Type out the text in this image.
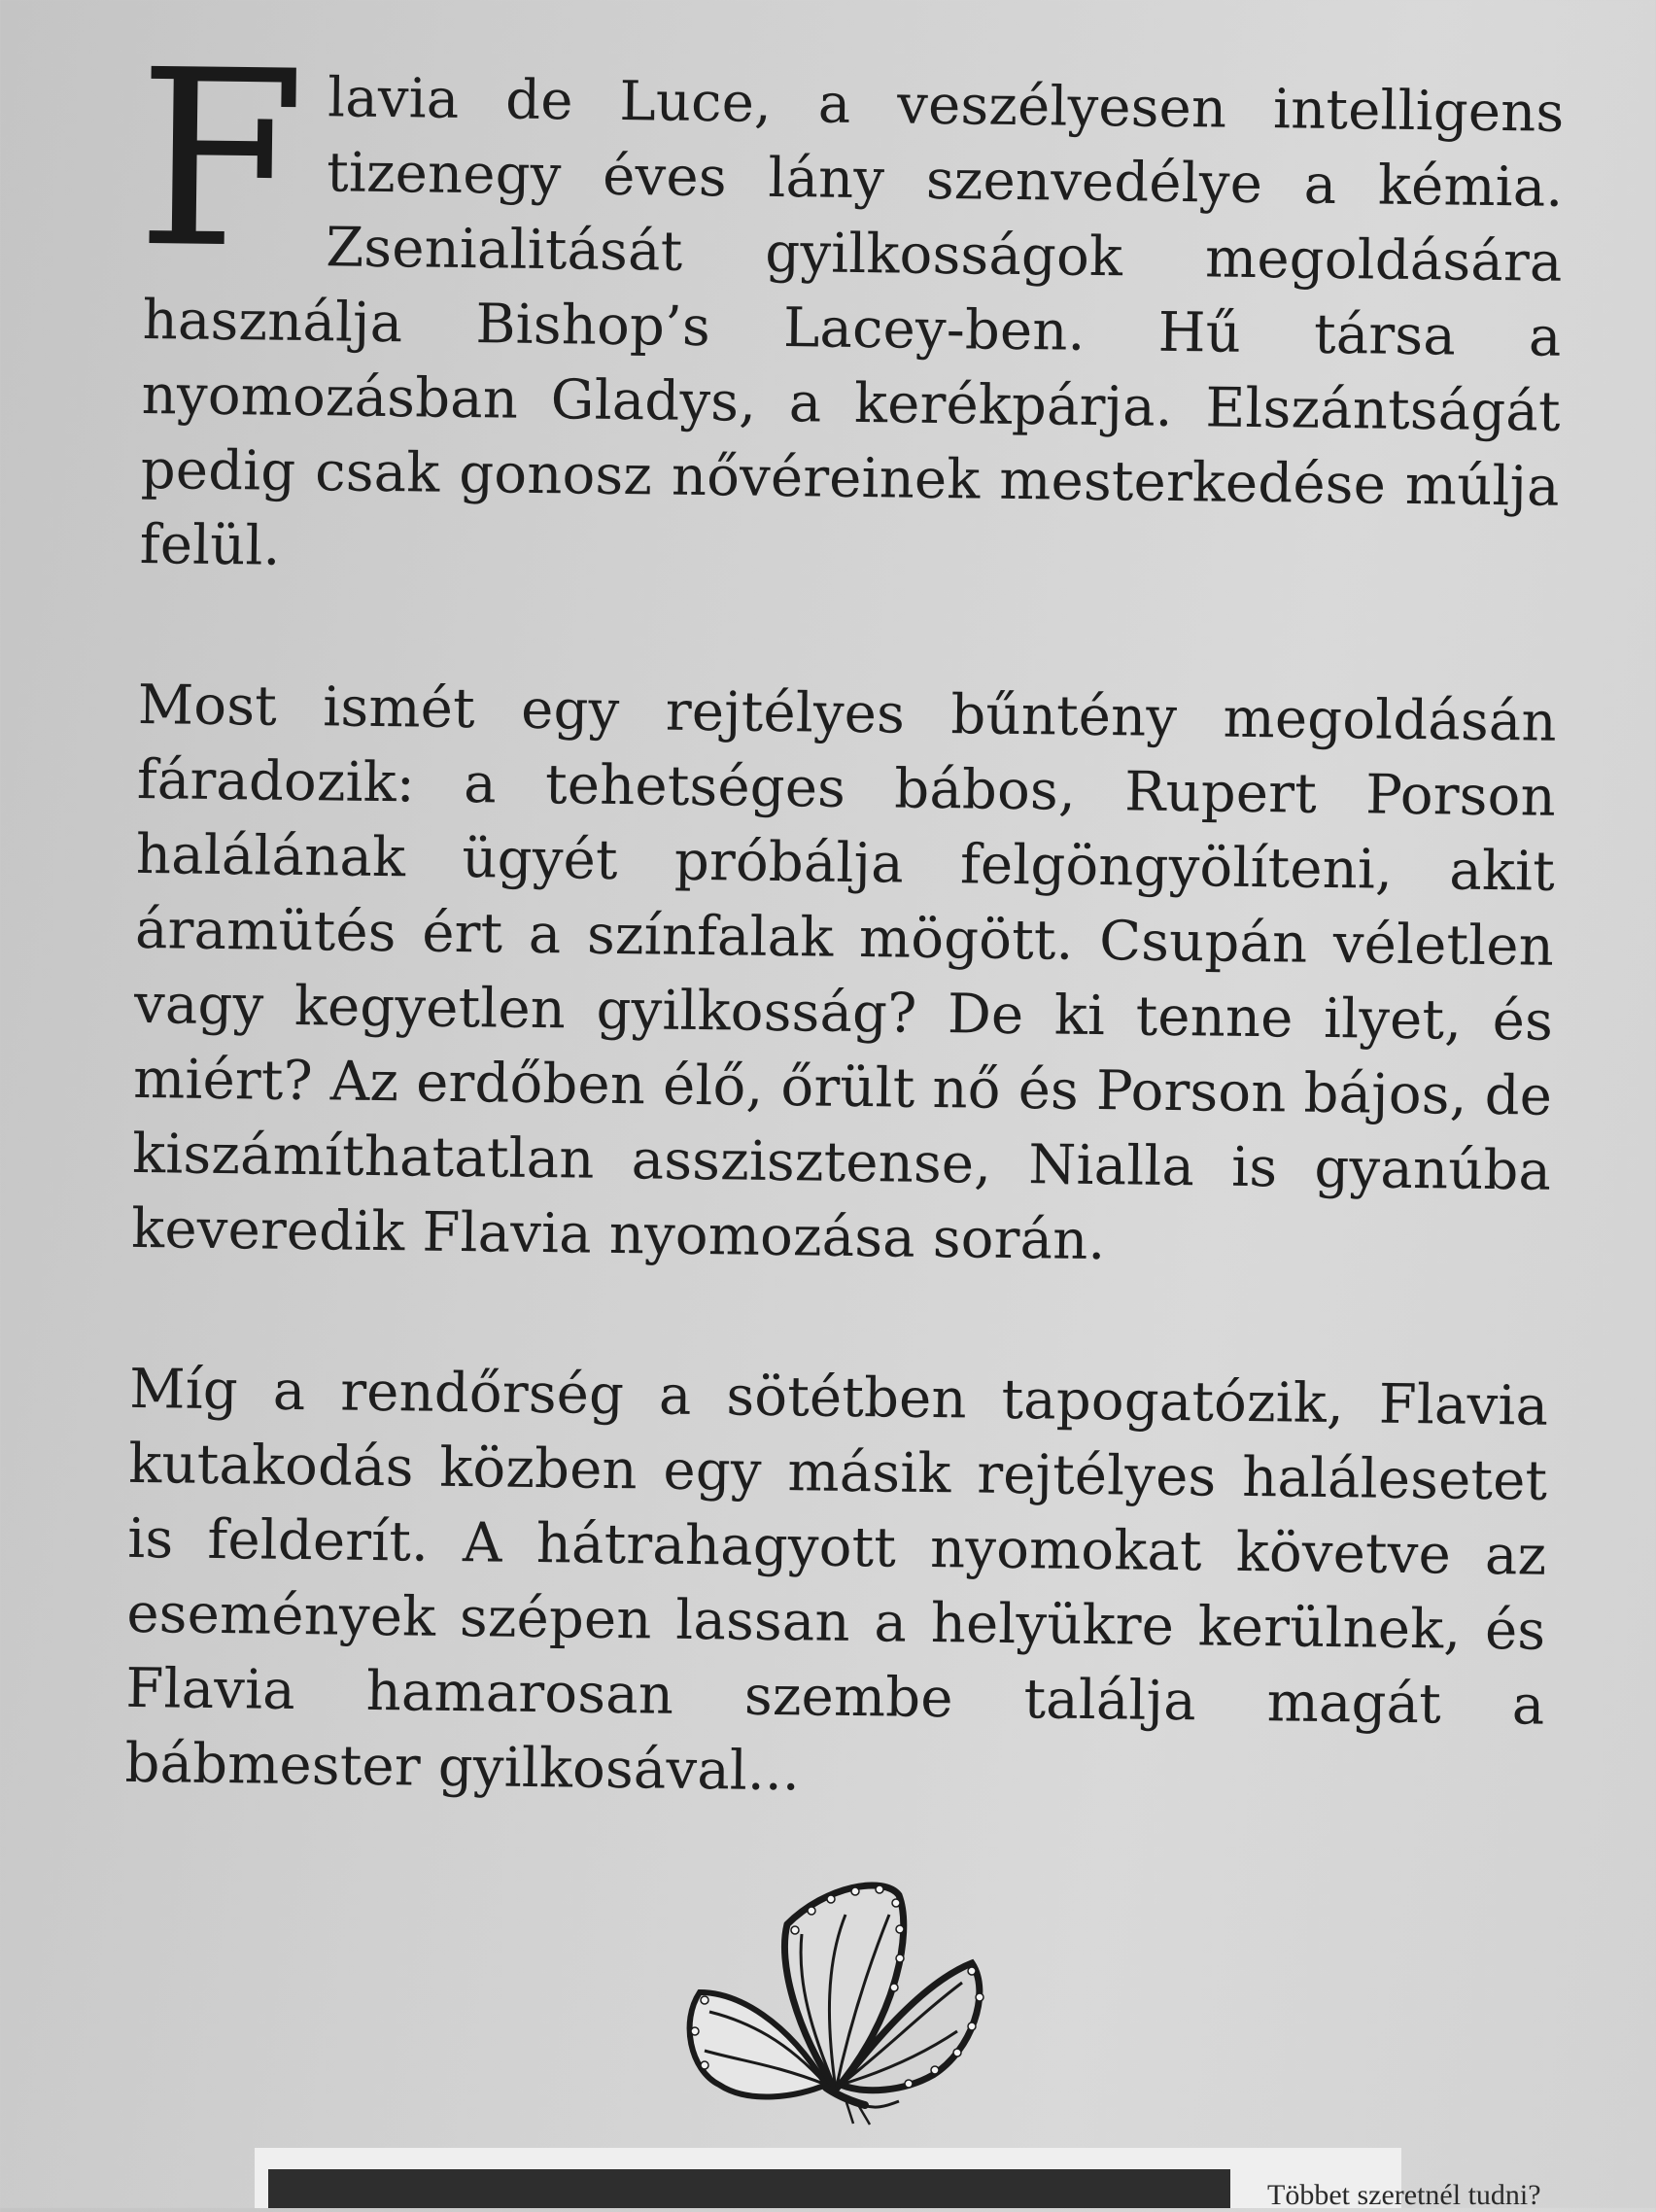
Flavia de Luce, a veszélyesen intelligens tizenegy éves lány szenvedélye a kémia. Zsenialitását gyilkosságok megoldására használja Bishop’s Lacey-ben. Hű társa a nyomozásban Gladys, a kerékpárja. Elszántságát pedig csak gonosz nővéreinek mesterkedése múlja felül.

Most ismét egy rejtélyes bűntény megoldásán fáradozik: a tehetséges bábos, Rupert Porson halálának ügyét próbálja felgöngyölíteni, akit áramütés ért a színfalak mögött. Csupán véletlen vagy kegyetlen gyilkosság? De ki tenne ilyet, és miért? Az erdőben élő, őrült nő és Porson bájos, de kiszámíthatatlan asszisztense, Nialla is gyanúba keveredik Flavia nyomozása során.

Míg a rendőrség a sötétben tapogatózik, Flavia kutakodás közben egy másik rejtélyes halálesetet is felderít. A hátrahagyott nyomokat követve az események szépen lassan a helyükre kerülnek, és Flavia hamarosan szembe találja magát a bábmester gyilkosával...

Többet szeretnél tudni?
